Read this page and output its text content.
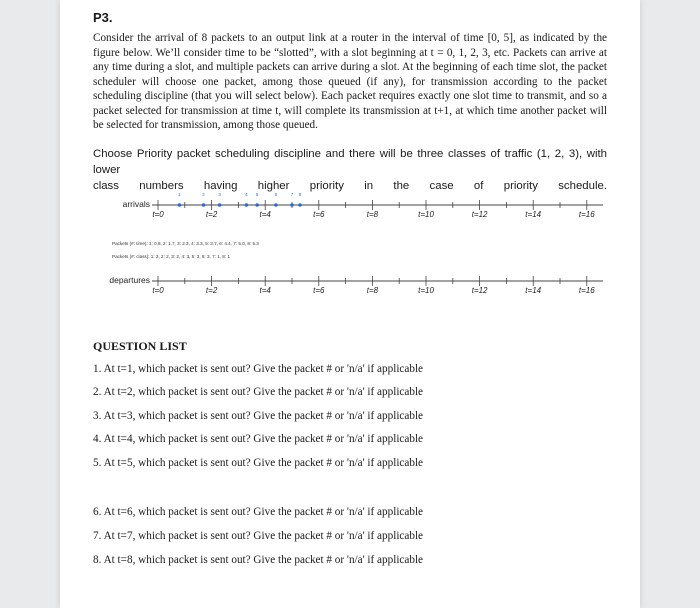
P3.

Consider the arrival of 8 packets to an output link at a router in the interval of time [0, 5], as indicated by the figure below. We’ll consider time to be “slotted”, with a slot beginning at t = 0, 1, 2, 3, etc. Packets can arrive at any time during a slot, and multiple packets can arrive during a slot. At the beginning of each time slot, the packet scheduler will choose one packet, among those queued (if any), for transmission according to the packet scheduling discipline (that you will select below). Each packet requires exactly one slot time to transmit, and so a packet selected for transmission at time t, will complete its transmission at t+1, at which time another packet will be selected for transmission, among those queued.

Choose Priority packet scheduling discipline and there will be three classes of traffic (1, 2, 3), with lower
class numbers having higher priority in the case of priority schedule.
arrivals
t=0	t=2	t=4	t=6	t=8	t=10	t=12	t=14	t=16
1	2	3	4 5	6	7 8
Packets (#: time): 1: 0.8, 2: 1.7, 3: 2.3, 4: 3.3, 5: 3.7, 6: 4.4, 7: 5.0, 8: 5.3
Packets (#: class): 1: 3, 2: 2, 3: 2, 4: 3, 5: 3, 6: 3, 7: 1, 8: 1
departures
t=0	t=2	t=4	t=6	t=8	t=10	t=12	t=14	t=16
QUESTION LIST
1. At t=1, which packet is sent out? Give the packet # or 'n/a' if applicable
2. At t=2, which packet is sent out? Give the packet # or 'n/a' if applicable
3. At t=3, which packet is sent out? Give the packet # or 'n/a' if applicable
4. At t=4, which packet is sent out? Give the packet # or 'n/a' if applicable
5. At t=5, which packet is sent out? Give the packet # or 'n/a' if applicable
6. At t=6, which packet is sent out? Give the packet # or 'n/a' if applicable
7. At t=7, which packet is sent out? Give the packet # or 'n/a' if applicable
8. At t=8, which packet is sent out? Give the packet # or 'n/a' if applicable
